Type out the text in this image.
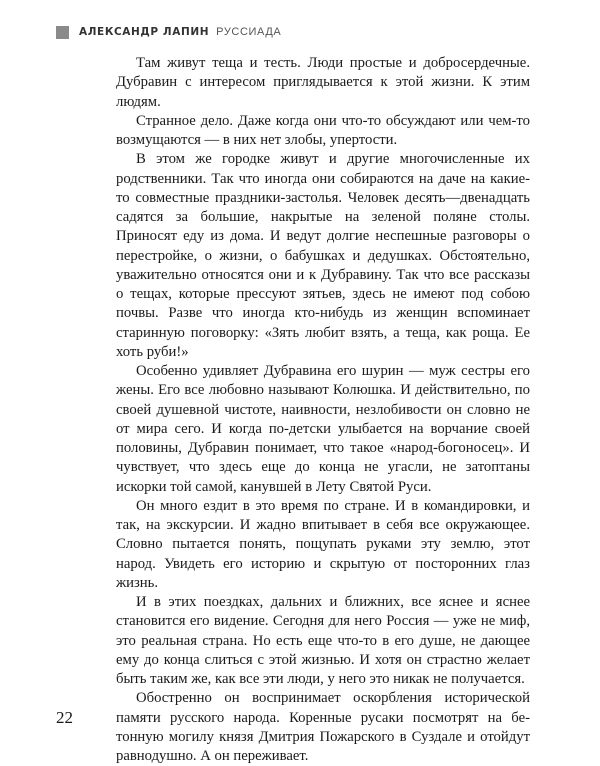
АЛЕКСАНДР ЛАПИН РУССИАДА

Там живут теща и тесть. Люди простые и добросердечные. Дубравин с интересом приглядывается к этой жизни. К этим людям.

Странное дело. Даже когда они что-то обсуждают или чем-то возмущаются — в них нет злобы, упертости.

В этом же городке живут и другие многочисленные их родственники. Так что иногда они собираются на даче на какие-то совместные праздники-застолья. Человек десять—двенадцать садятся за большие, накрытые на зеленой поляне столы. Приносят еду из дома. И ведут долгие неспешные разговоры о перестройке, о жизни, о бабушках и дедушках. Обстоятельно, уважительно относятся они и к Дубравину. Так что все рассказы о тещах, которые прессуют зятьев, здесь не имеют под собою почвы. Разве что иногда кто-нибудь из женщин вспоминает старинную поговорку: «Зять любит взять, а теща, как роща. Ее хоть руби!»

Особенно удивляет Дубравина его шурин — муж сестры его жены. Его все любовно называют Колюшка. И действительно, по своей душевной чистоте, наивности, незлобивости он словно не от мира сего. И когда по-детски улыбается на ворчание своей половины, Дубравин понимает, что такое «народ-богоносец». И чувствует, что здесь еще до конца не угасли, не затоптаны искорки той самой, канувшей в Лету Святой Руси.

Он много ездит в это время по стране. И в командировки, и так, на экскурсии. И жадно впитывает в себя все окружающее. Словно пытается понять, пощупать руками эту землю, этот народ. Увидеть его историю и скрытую от посторонних глаз жизнь.

И в этих поездках, дальних и ближних, все яснее и яснее становится его видение. Сегодня для него Россия — уже не миф, это реальная страна. Но есть еще что-то в его душе, не дающее ему до конца слиться с этой жизнью. И хотя он страстно желает быть таким же, как все эти люди, у него это никак не получается.

Обостренно он воспринимает оскорбления исторической памяти русского народа. Коренные русаки посмотрят на бетонную могилу князя Дмитрия Пожарского в Суздале и отойдут равнодушно. А он переживает.

22
